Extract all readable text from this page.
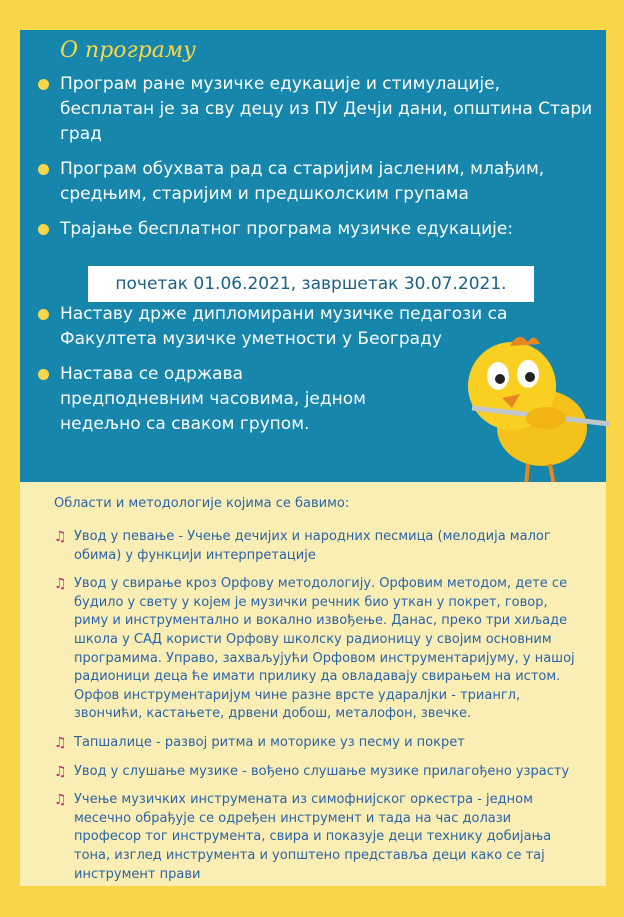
О програму
Програм ране музичке едукације и стимулације, бесплатан је за сву децу из ПУ Дечји дани, општина Стари град
Програм обухвата рад са старијим јасленим, млађим, средњим, старијим и предшколским групама
Трајање бесплатног програма музичке едукације:
Наставу држе дипломирани музичке педагози са Факултета музичке уметности у Београду
Настава се одржава предподневним часовима, једном недељно са сваком групом.
почетак 01.06.2021, завршетак 30.07.2021.

Области и методологије којима се бавимо:

♫ Увод у певање - Учење дечијих и народних песмица (мелодија малог обима) у функцији интерпретације
♫ Увод у свирање кроз Орфову методологију. Орфовим методом, дете се будило у свету у којем је музички речник био уткан у покрет, говор, риму и инструментално и вокално извођење. Данас, преко три хиљаде школа у САД користи Орфову школску радионицу у својим основним програмима. Управо, захваљујући Орфовом инструментаријуму, у нашој радионици деца ће имати прилику да овладавају свирањем на истом. Орфов инструментаријум чине разне врсте ударалјки - триангл, звончићи, кастањете, дрвени добош, металофон, звечке.
♫ Тапшалице - развој ритма и моторике уз песму и покрет
♫ Увод у слушање музике - вођено слушање музике прилагођено узрасту
♫ Учење музичких инструмената из симофнијског оркестра - једном месечно обрађује се одређен инструмент и тада на час долази професор тог инструмента, свира и показује деци технику добијања тона, изглед инструмента и уопштено представља деци како се тај инструмент прави
